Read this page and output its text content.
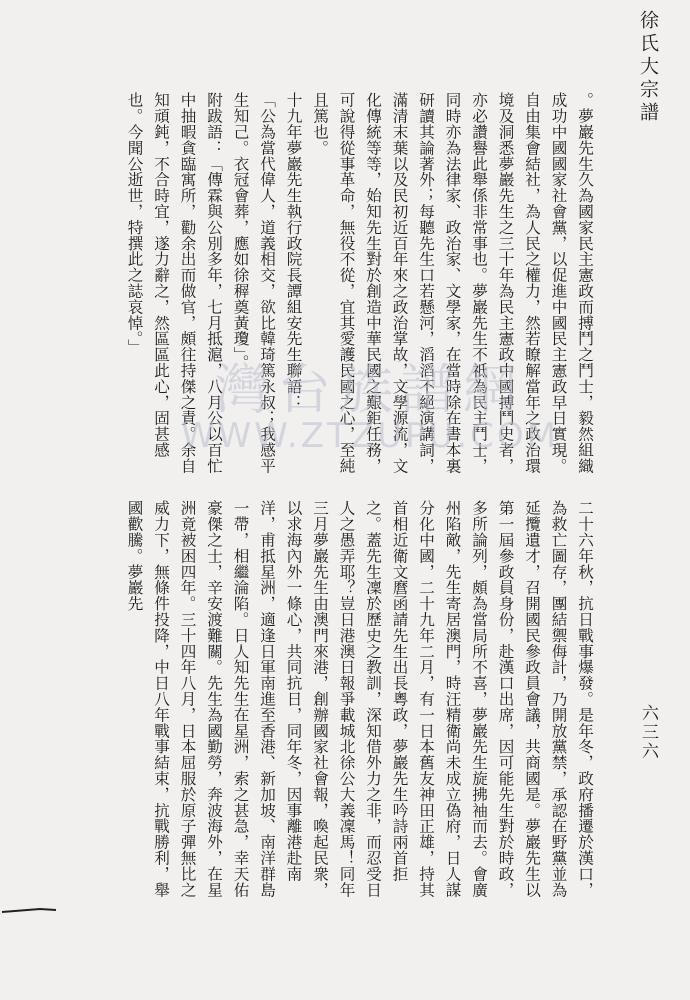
徐氏大宗譜
六三六

。夢巖先生久為國家民主憲政而搏鬥之鬥士，毅然組織成功中國國家社會黨，以促進中國民主憲政早日實現。自由集會結社，為人民之權力，然若瞭解當年之政治環境及洞悉夢巖先生之三十年為民主憲政中國搏鬥史者，亦必讚譽此舉係非常事也。夢巖先生不祗為民主鬥士，同時亦為法律家、政治家、文學家，在當時除在書本裏研讀其論著外；每聽先生口若懸河，滔滔不絕演講詞，滿清末葉以及民初近百年來之政治掌故，文學源流，文化傳統等等，始知先生對於創造中華民國之艱鉅任務，可說得從事革命，無役不從，宜其愛護民國之心，至純且篤也。

十九年夢巖先生執行政院長譚組安先生聯語：

「公為當代偉人，道義相交，欲比韓琦篤永叔；我感平生知己。衣冠會葬，應如徐稺奠黃瓊」。

附跋語：「傳霖與公別多年，七月抵滬，八月公以百忙中抽暇貪臨寓所，勸余出而做官，頗往持傑之責。余自知頑鈍，不合時宜，遂力辭之，然區區此心，固甚感也。今聞公逝世，特撰此之誌哀悼。」

二十六年秋，抗日戰事爆發。是年冬，政府播遷於漢口，為救亡圖存，團結禦侮計，乃開放黨禁，承認在野黨並為延攬遺才，召開國民參政員會議，共商國是。夢巖先生以第一屆參政員身份，赴漢口出席，因可能先生對於時政，多所論列，頗為當局所不喜，夢巖先生旋拂袖而去。會廣州陷敵，先生寄居澳門，時汪精衛尚未成立偽府，日人謀分化中國，二十九年二月，有一日本舊友神田正雄，持其首相近衛文麿函請先生出長粵政，夢巖先生吟詩兩首拒之。蓋先生凜於歷史之教訓，深知借外力之非，而忍受日人之愚弄耶？豈日港澳日報爭載城北徐公大義凜馬！同年三月夢巖先生由澳門來港，創辦國家社會報，喚起民衆，以求海內外一條心，共同抗日，同年冬，因事離港赴南洋，甫抵星洲，適逢日軍南進至香港、新加坡、南洋群島一帶，相繼淪陷。日人知先生在星洲，索之甚急，幸天佑豪傑之士，辛安渡難關。先生為國勤勞，奔波海外，在星洲竟被困四年。三十四年八月，日本屈服於原子彈無比之威力下，無條件投降，中日八年戰事結束，抗戰勝利，舉國歡騰。夢巖先

灣台族譜網
WWW.ZTZUPU.COM
